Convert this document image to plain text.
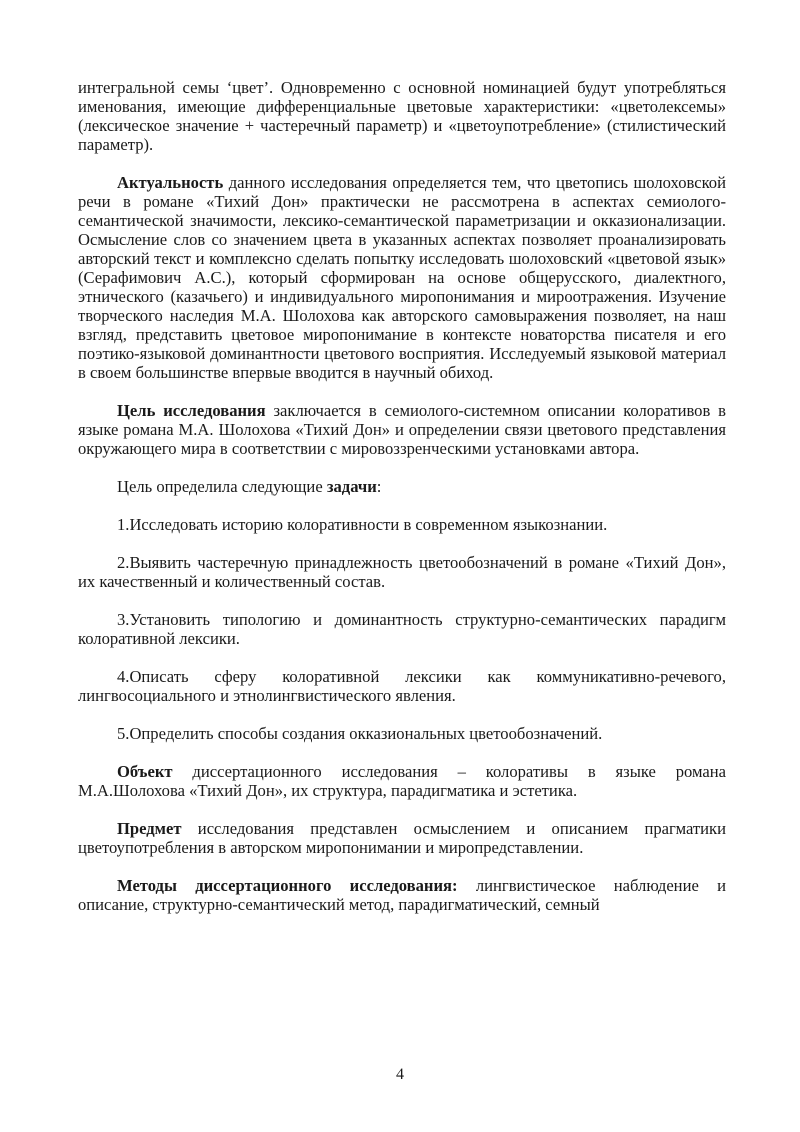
интегральной семы ‘цвет’. Одновременно с основной номинацией будут употребляться именования, имеющие дифференциальные цветовые характеристики: «цветолексемы» (лексическое значение + частеречный параметр) и «цветоупотребление» (стилистический параметр).

Актуальность данного исследования определяется тем, что цветопись шолоховской речи в романе «Тихий Дон» практически не рассмотрена в аспектах семиолого-семантической значимости, лексико-семантической параметризации и окказионализации. Осмысление слов со значением цвета в указанных аспектах позволяет проанализировать авторский текст и комплексно сделать попытку исследовать шолоховский «цветовой язык» (Серафимович А.С.), который сформирован на основе общерусского, диалектного, этнического (казачьего) и индивидуального миропонимания и мироотражения. Изучение творческого наследия М.А. Шолохова как авторского самовыражения позволяет, на наш взгляд, представить цветовое миропонимание в контексте новаторства писателя и его поэтико-языковой доминантности цветового восприятия. Исследуемый языковой материал в своем большинстве впервые вводится в научный обиход.

Цель исследования заключается в семиолого-системном описании колоративов в языке романа М.А. Шолохова «Тихий Дон» и определении связи цветового представления окружающего мира в соответствии с мировоззренческими установками автора.

Цель определила следующие задачи:

1.Исследовать историю колоративности в современном языкознании.

2.Выявить частеречную принадлежность цветообозначений в романе «Тихий Дон», их качественный и количественный состав.

3.Установить типологию и доминантность структурно-семантических парадигм колоративной лексики.

4.Описать сферу колоративной лексики как коммуникативно-речевого, лингвосоциального и этнолингвистического явления.

5.Определить способы создания окказиональных цветообозначений.

Объект диссертационного исследования – колоративы в языке романа М.А.Шолохова «Тихий Дон», их структура, парадигматика и эстетика.

Предмет исследования представлен осмыслением и описанием прагматики цветоупотребления в авторском миропонимании и миропредставлении.

Методы диссертационного исследования: лингвистическое наблюдение и описание, структурно-семантический метод, парадигматический, семный

4
